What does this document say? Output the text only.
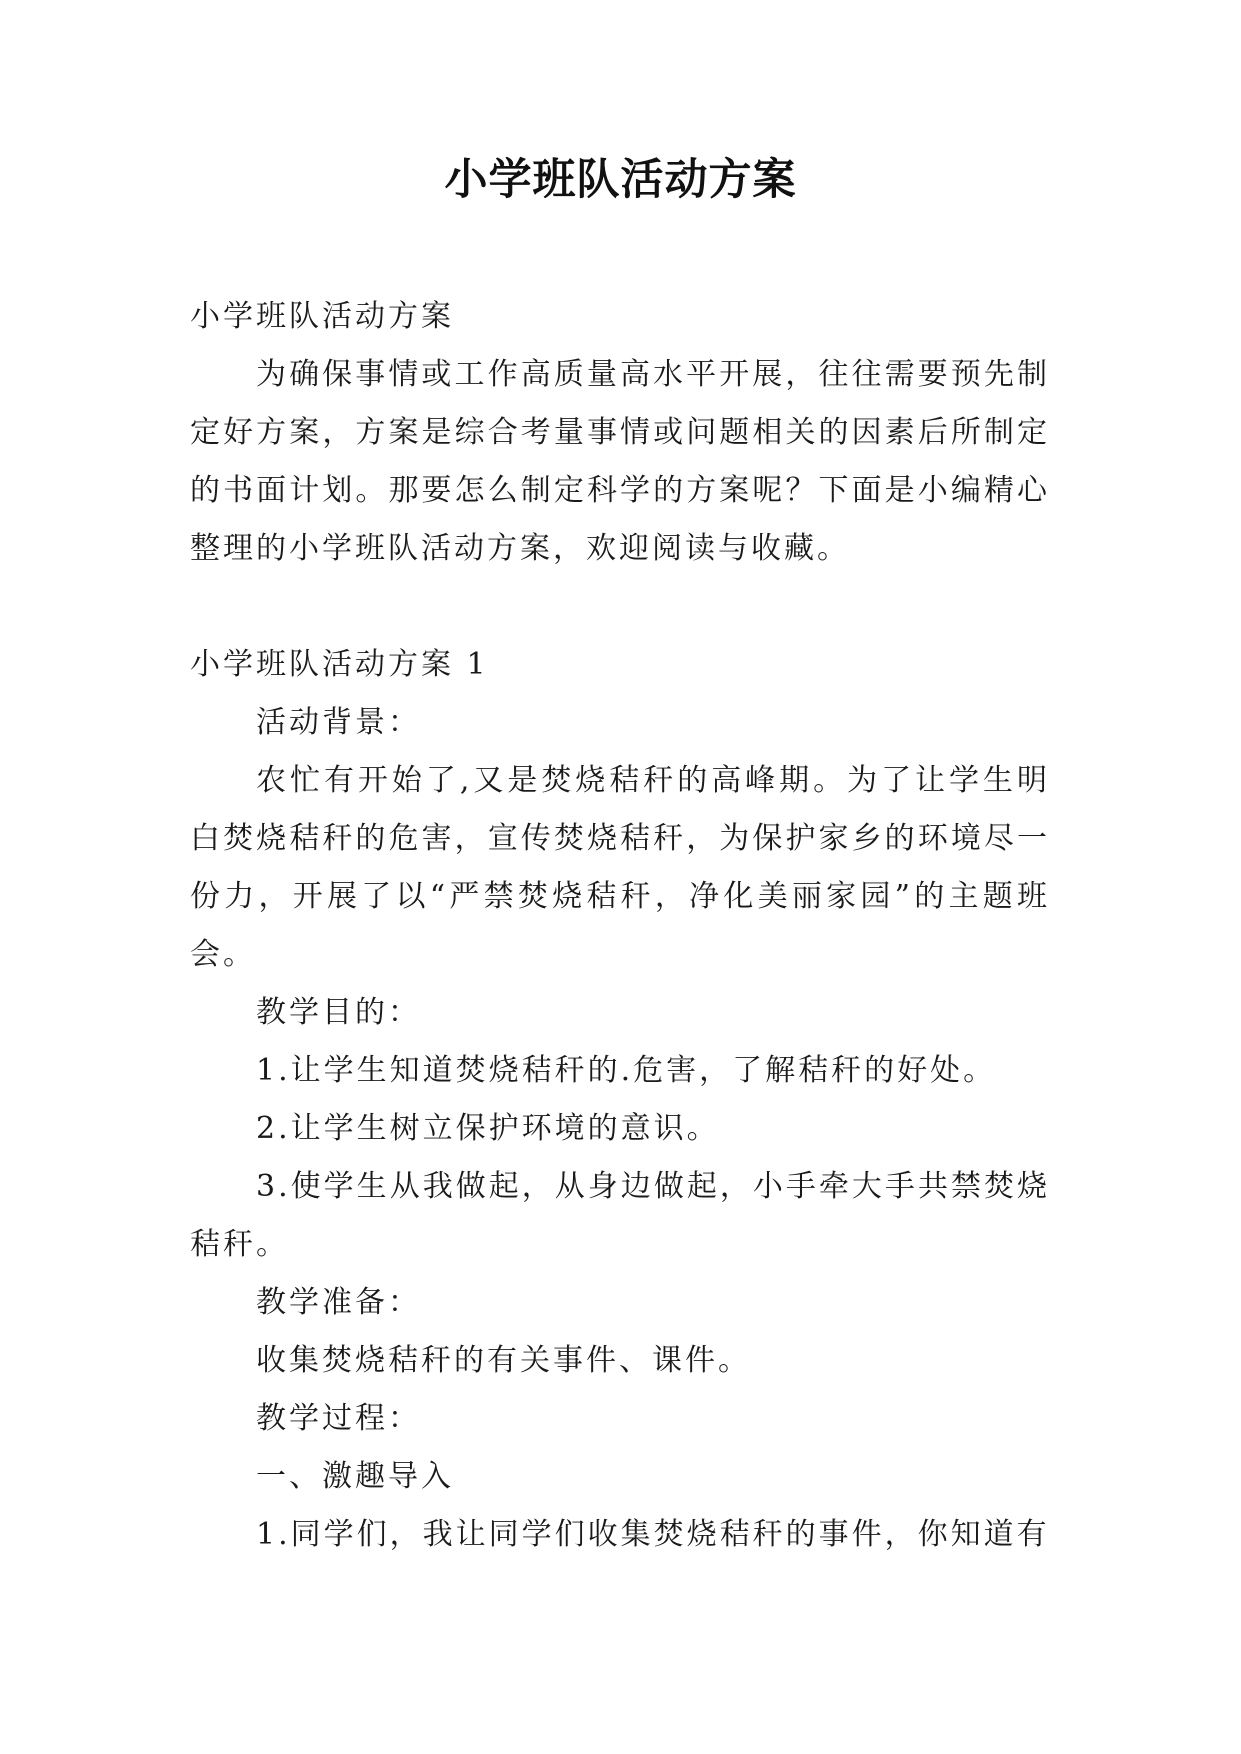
小学班队活动方案

小学班队活动方案

为确保事情或工作高质量高水平开展，往往需要预先制定好方案，方案是综合考量事情或问题相关的因素后所制定的书面计划。那要怎么制定科学的方案呢？下面是小编精心整理的小学班队活动方案，欢迎阅读与收藏。

小学班队活动方案 1

活动背景：

农忙有开始了,又是焚烧秸秆的高峰期。为了让学生明白焚烧秸秆的危害，宣传焚烧秸秆，为保护家乡的环境尽一份力，开展了以“严禁焚烧秸秆，净化美丽家园”的主题班会。

教学目的：

1.让学生知道焚烧秸秆的.危害，了解秸秆的好处。

2.让学生树立保护环境的意识。

3.使学生从我做起，从身边做起，小手牵大手共禁焚烧秸秆。

教学准备：

收集焚烧秸秆的有关事件、课件。

教学过程：

一、激趣导入

1.同学们，我让同学们收集焚烧秸秆的事件，你知道有
